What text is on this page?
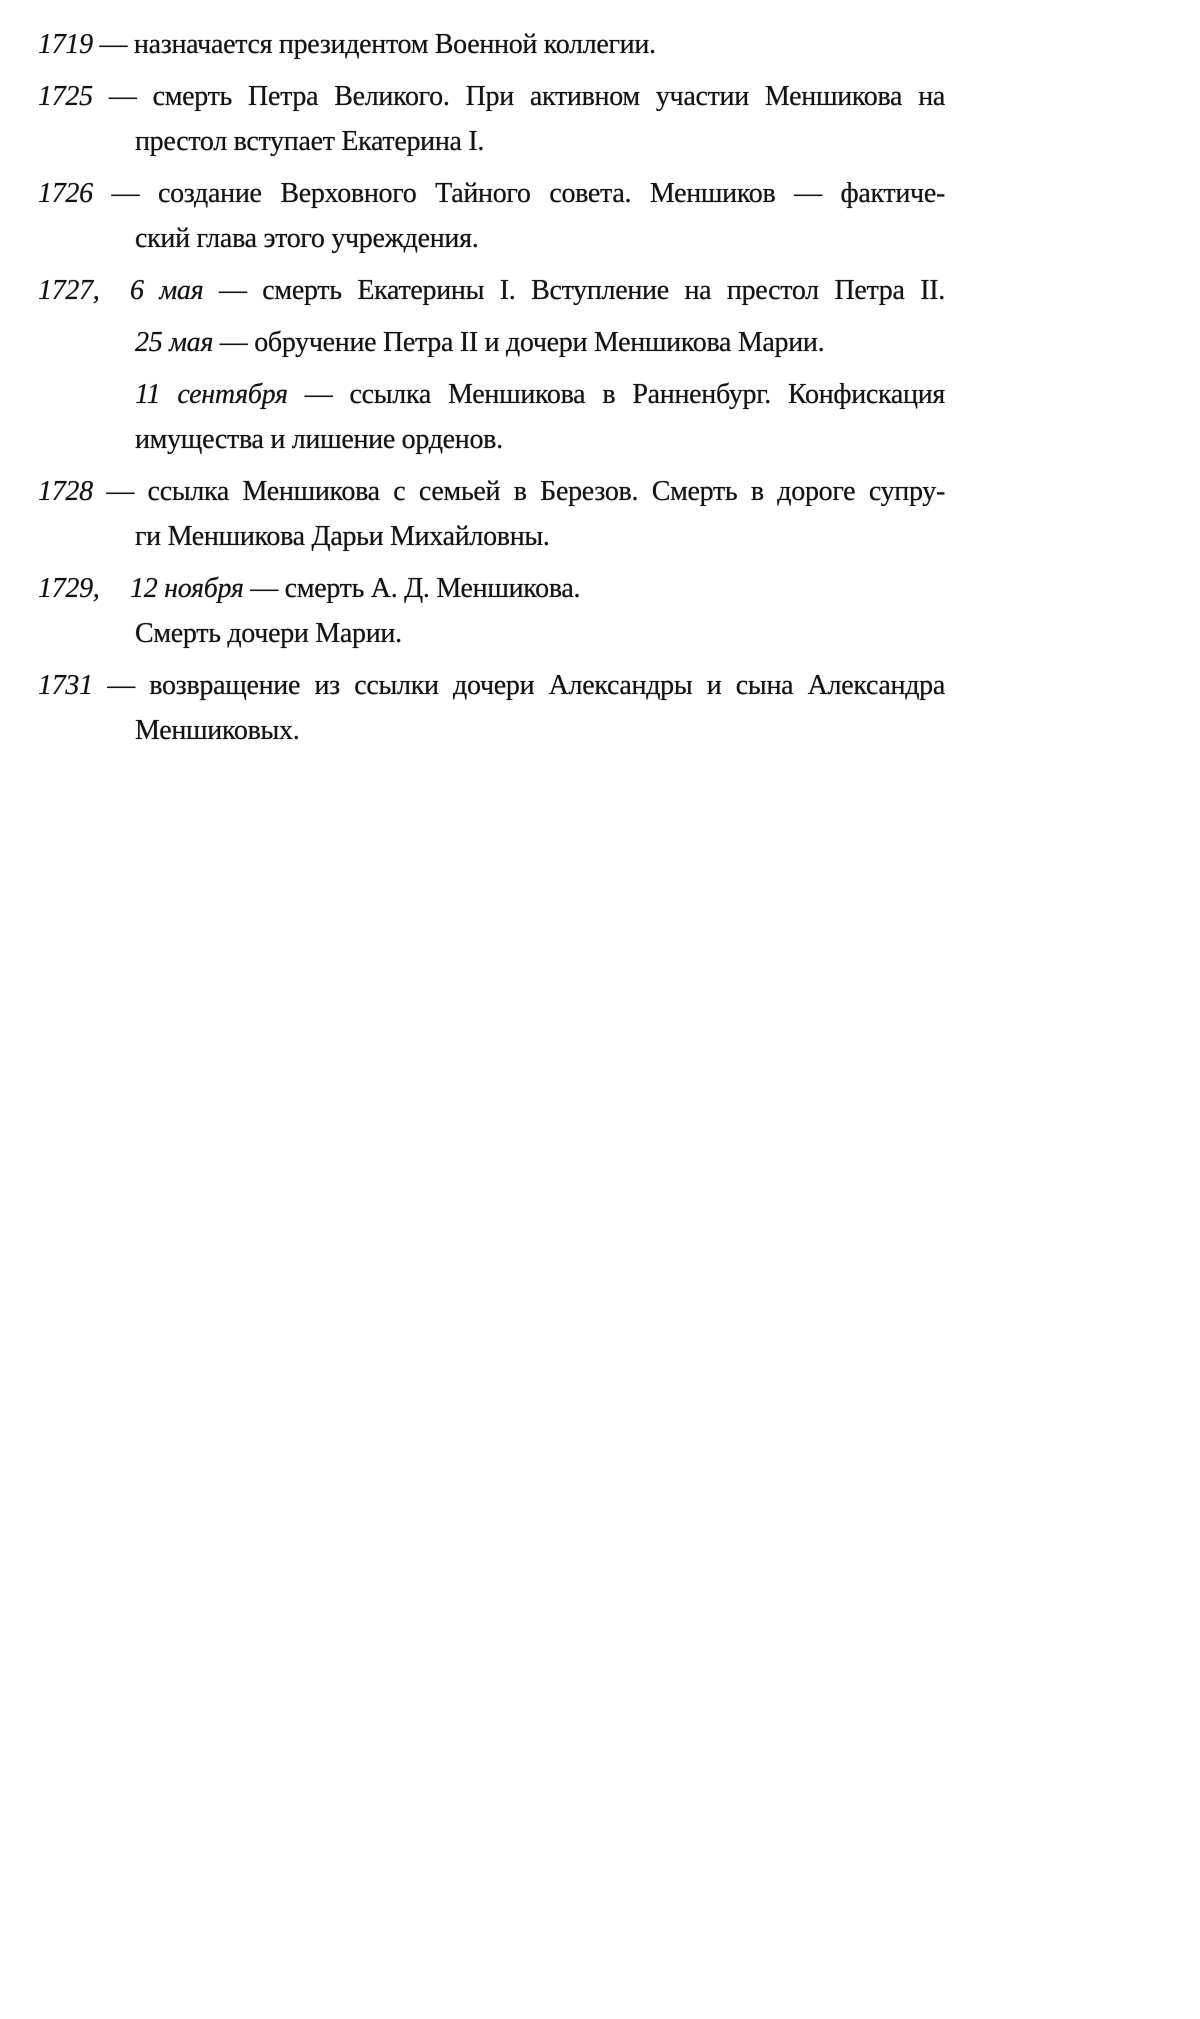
1719 — назначается президентом Военной коллегии.
1725 — смерть Петра Великого. При активном участии Меншикова на
престол вступает Екатерина I.
1726 — создание Верховного Тайного совета. Меншиков — фактиче-
ский глава этого учреждения.
1727, 6 мая — смерть Екатерины I. Вступление на престол Петра II.
25 мая — обручение Петра II и дочери Меншикова Марии.
11 сентября — ссылка Меншикова в Ранненбург. Конфискация
имущества и лишение орденов.
1728 — ссылка Меншикова с семьей в Березов. Смерть в дороге супру-
ги Меншикова Дарьи Михайловны.
1729, 12 ноября — смерть А. Д. Меншикова.
Смерть дочери Марии.
1731 — возвращение из ссылки дочери Александры и сына Александра
Меншиковых.
